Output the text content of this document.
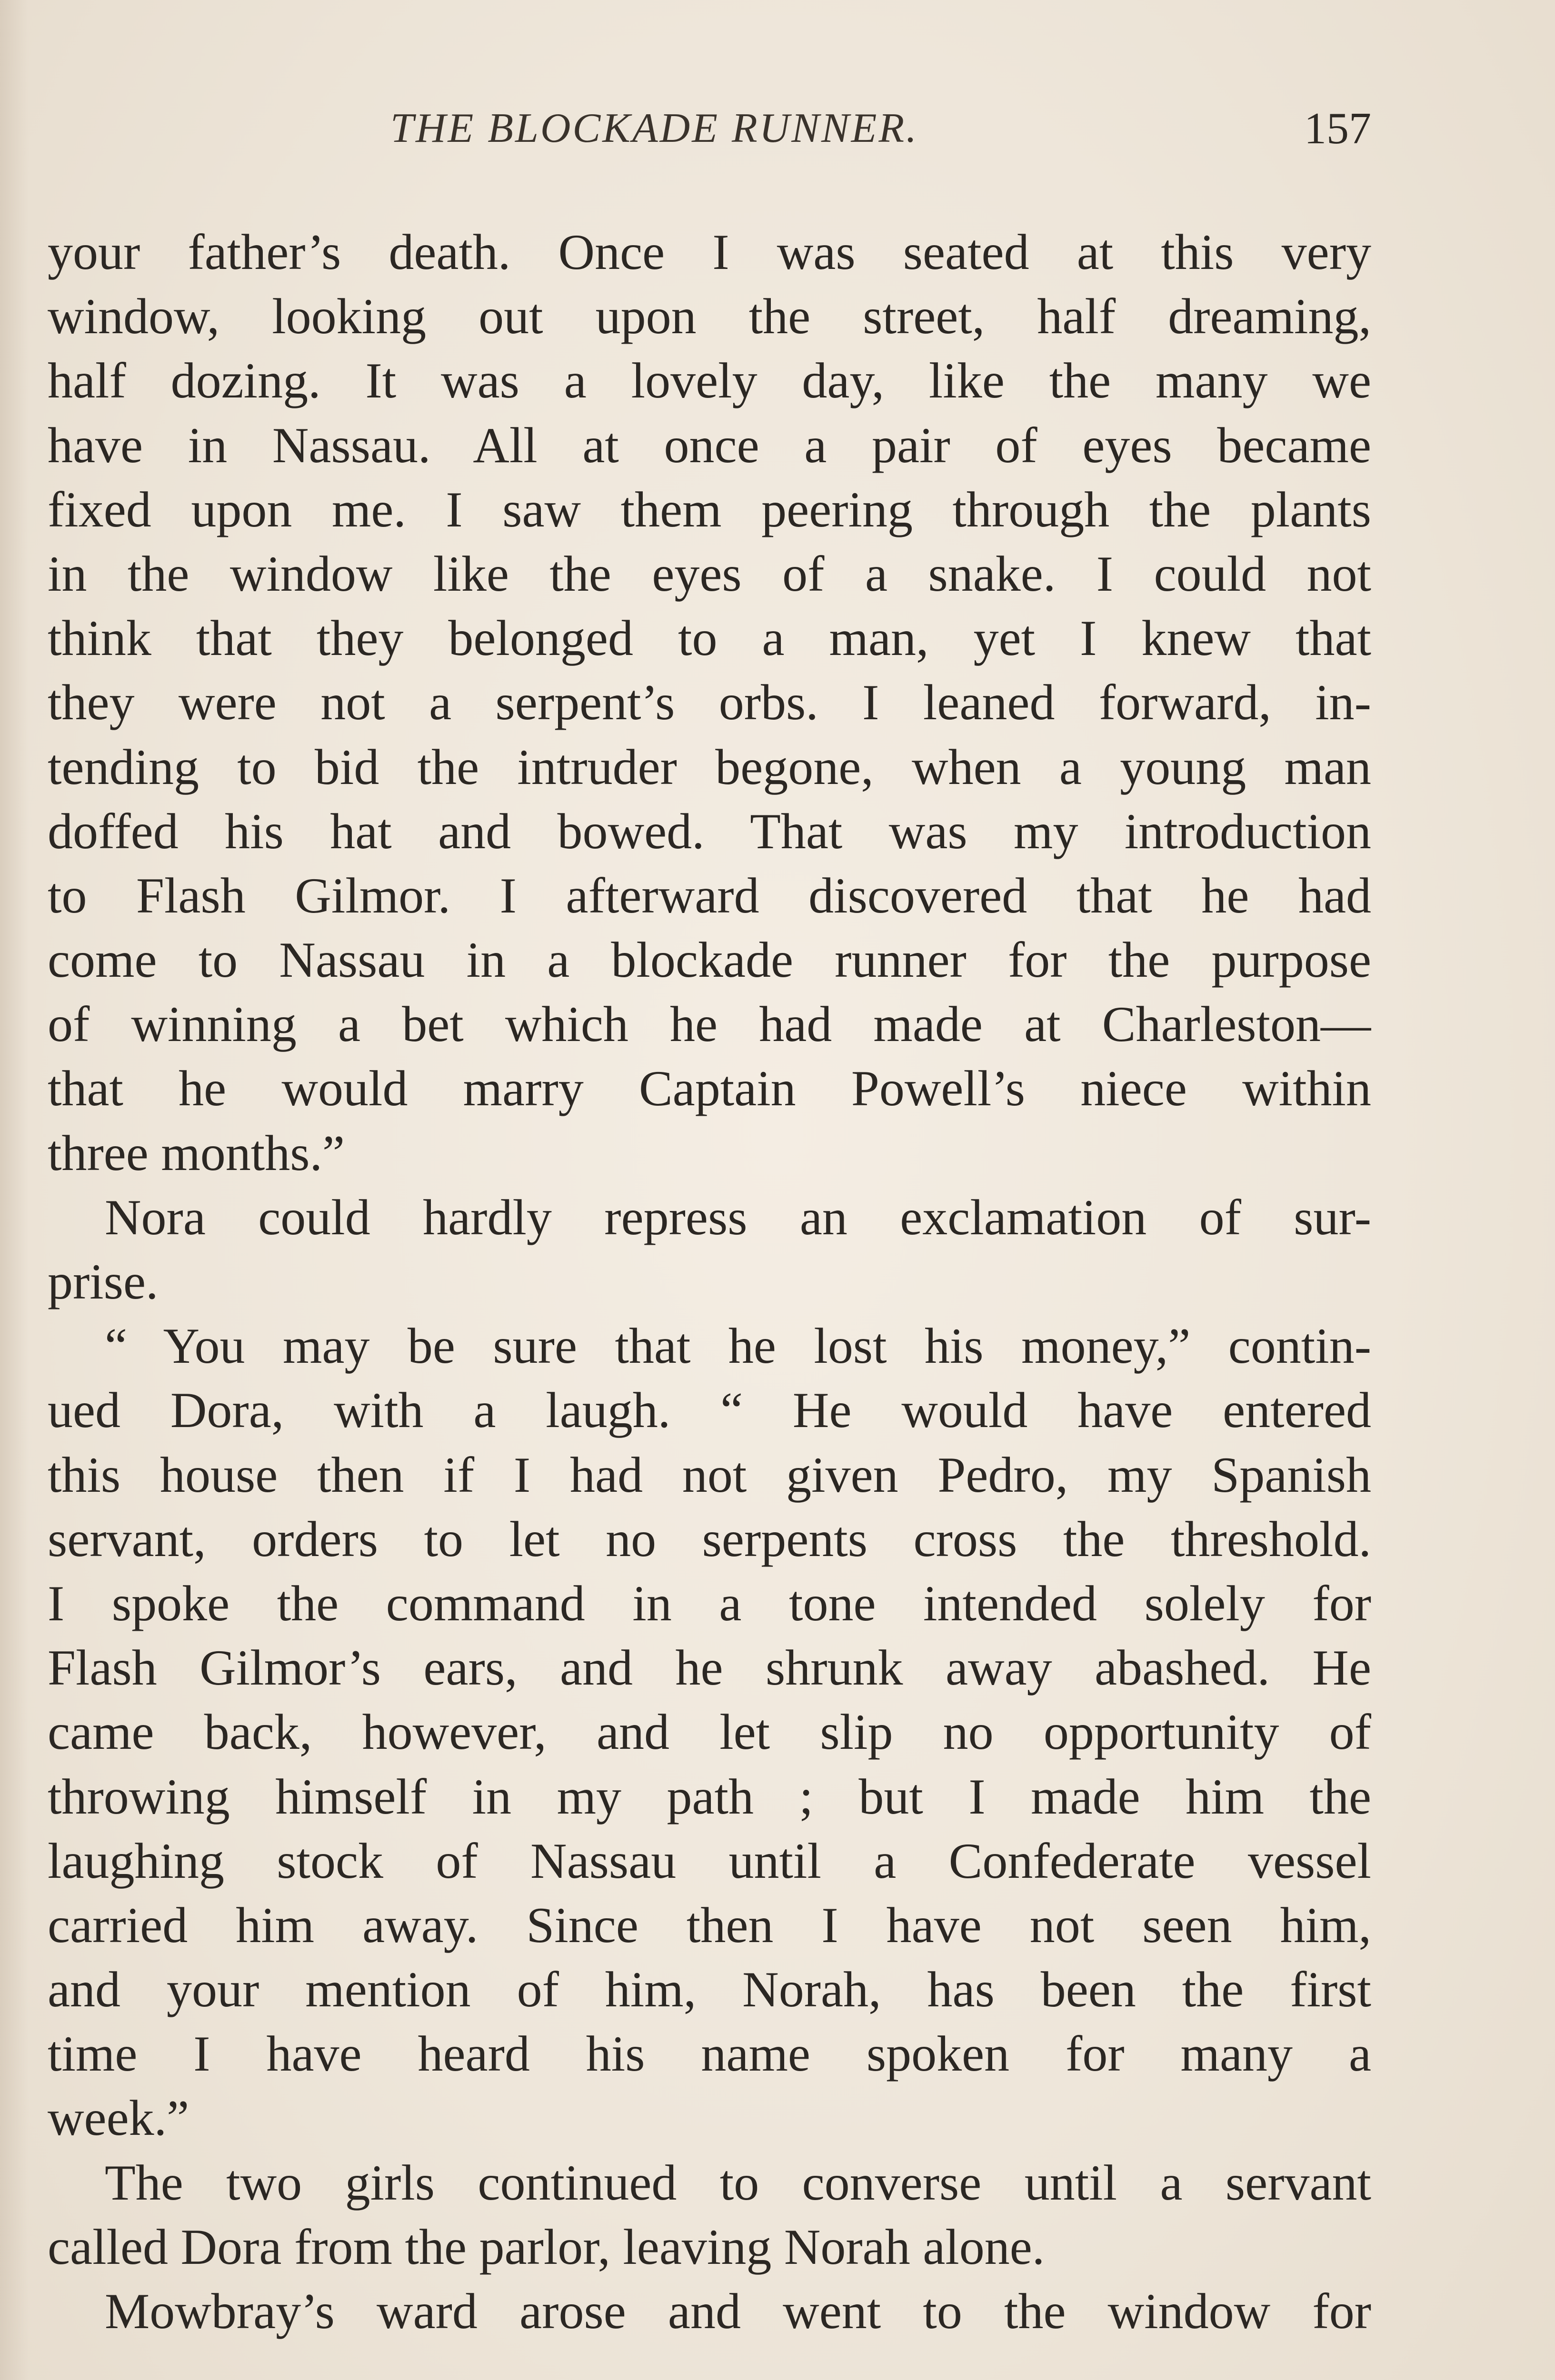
THE BLOCKADE RUNNER.	157
your father’s death. Once I was seated at this very
window, looking out upon the street, half dreaming,
half dozing. It was a lovely day, like the many we
have in Nassau. All at once a pair of eyes became
fixed upon me. I saw them peering through the plants
in the window like the eyes of a snake. I could not
think that they belonged to a man, yet I knew that
they were not a serpent’s orbs. I leaned forward, in-
tending to bid the intruder begone, when a young man
doffed his hat and bowed. That was my introduction
to Flash Gilmor. I afterward discovered that he had
come to Nassau in a blockade runner for the purpose
of winning a bet which he had made at Charleston—
that he would marry Captain Powell’s niece within
three months.”
Nora could hardly repress an exclamation of sur-
prise.
“ You may be sure that he lost his money,” contin-
ued Dora, with a laugh. “ He would have entered
this house then if I had not given Pedro, my Spanish
servant, orders to let no serpents cross the threshold.
I spoke the command in a tone intended solely for
Flash Gilmor’s ears, and he shrunk away abashed. He
came back, however, and let slip no opportunity of
throwing himself in my path ; but I made him the
laughing stock of Nassau until a Confederate vessel
carried him away. Since then I have not seen him,
and your mention of him, Norah, has been the first
time I have heard his name spoken for many a
week.”
The two girls continued to converse until a servant
called Dora from the parlor, leaving Norah alone.
Mowbray’s ward arose and went to the window for
